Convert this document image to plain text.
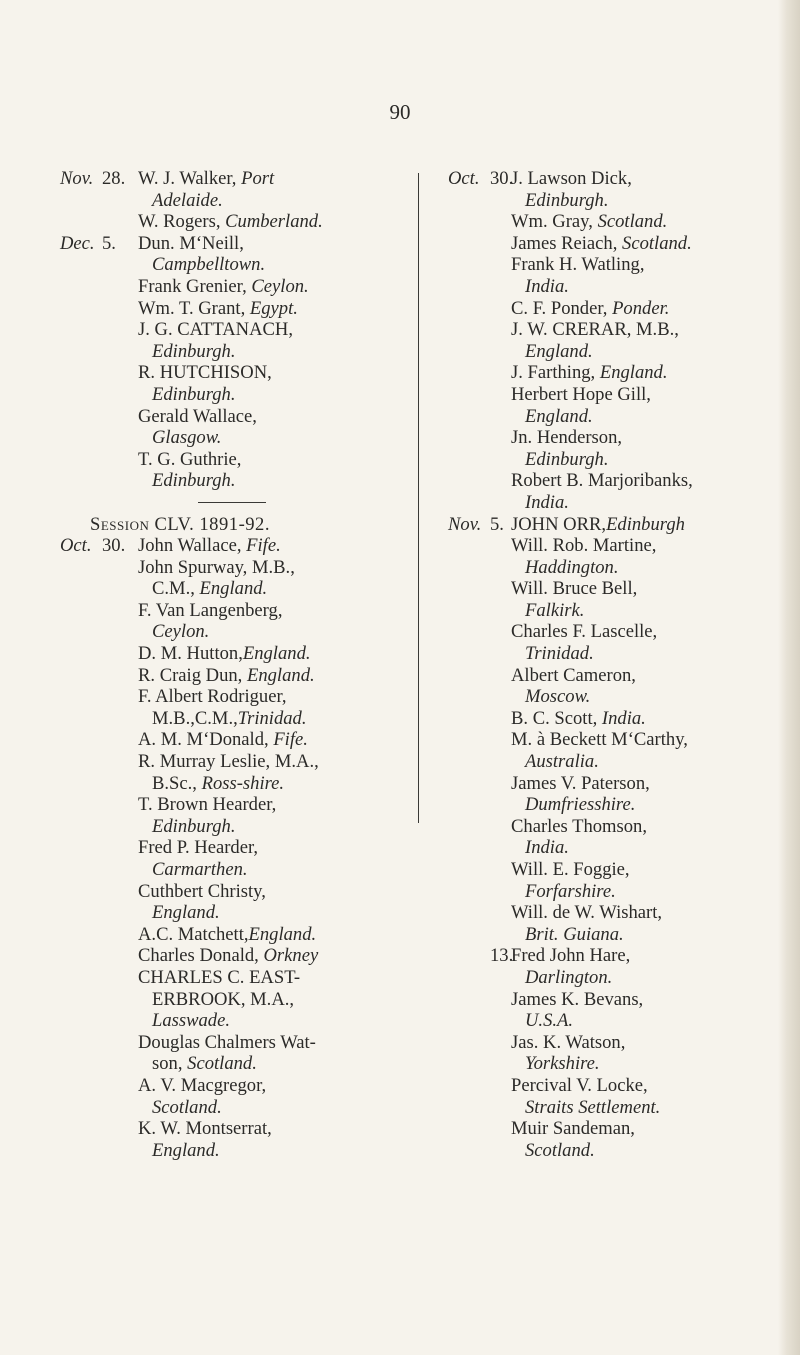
90
Nov. 28. W. J. Walker, Port
Adelaide.
W. Rogers, Cumberland.
Dec. 5. Dun. M‘Neill,
Campbelltown.
Frank Grenier, Ceylon.
Wm. T. Grant, Egypt.
J. G. CATTANACH,
Edinburgh.
R. HUTCHISON,
Edinburgh.
Gerald Wallace,
Glasgow.
T. G. Guthrie,
Edinburgh.
Session CLV. 1891-92.
Oct. 30. John Wallace, Fife.
John Spurway, M.B.,
C.M., England.
F. Van Langenberg,
Ceylon.
D. M. Hutton,England.
R. Craig Dun, England.
F. Albert Rodriguer,
M.B.,C.M.,Trinidad.
A. M. M‘Donald, Fife.
R. Murray Leslie, M.A.,
B.Sc., Ross-shire.
T. Brown Hearder,
Edinburgh.
Fred P. Hearder,
Carmarthen.
Cuthbert Christy,
England.
A.C. Matchett,England.
Charles Donald, Orkney
CHARLES C. EAST-
ERBROOK, M.A.,
Lasswade.
Douglas Chalmers Wat-
son, Scotland.
A. V. Macgregor,
Scotland.
K. W. Montserrat,
England.
Oct. 30.
J. Lawson Dick,
Edinburgh.
Wm. Gray, Scotland.
James Reiach, Scotland.
Frank H. Watling,
India.
C. F. Ponder, Ponder.
J. W. CRERAR, M.B.,
England.
J. Farthing, England.
Herbert Hope Gill,
England.
Jn. Henderson,
Edinburgh.
Robert B. Marjoribanks,
India.
Nov. 5. JOHN ORR,Edinburgh
Will. Rob. Martine,
Haddington.
Will. Bruce Bell,
Falkirk.
Charles F. Lascelle,
Trinidad.
Albert Cameron,
Moscow.
B. C. Scott, India.
M. à Beckett M‘Carthy,
Australia.
James V. Paterson,
Dumfriesshire.
Charles Thomson,
India.
Will. E. Foggie,
Forfarshire.
Will. de W. Wishart,
Brit. Guiana.
13.
Fred John Hare,
Darlington.
James K. Bevans,
U.S.A.
Jas. K. Watson,
Yorkshire.
Percival V. Locke,
Straits Settlement.
Muir Sandeman,
Scotland.
